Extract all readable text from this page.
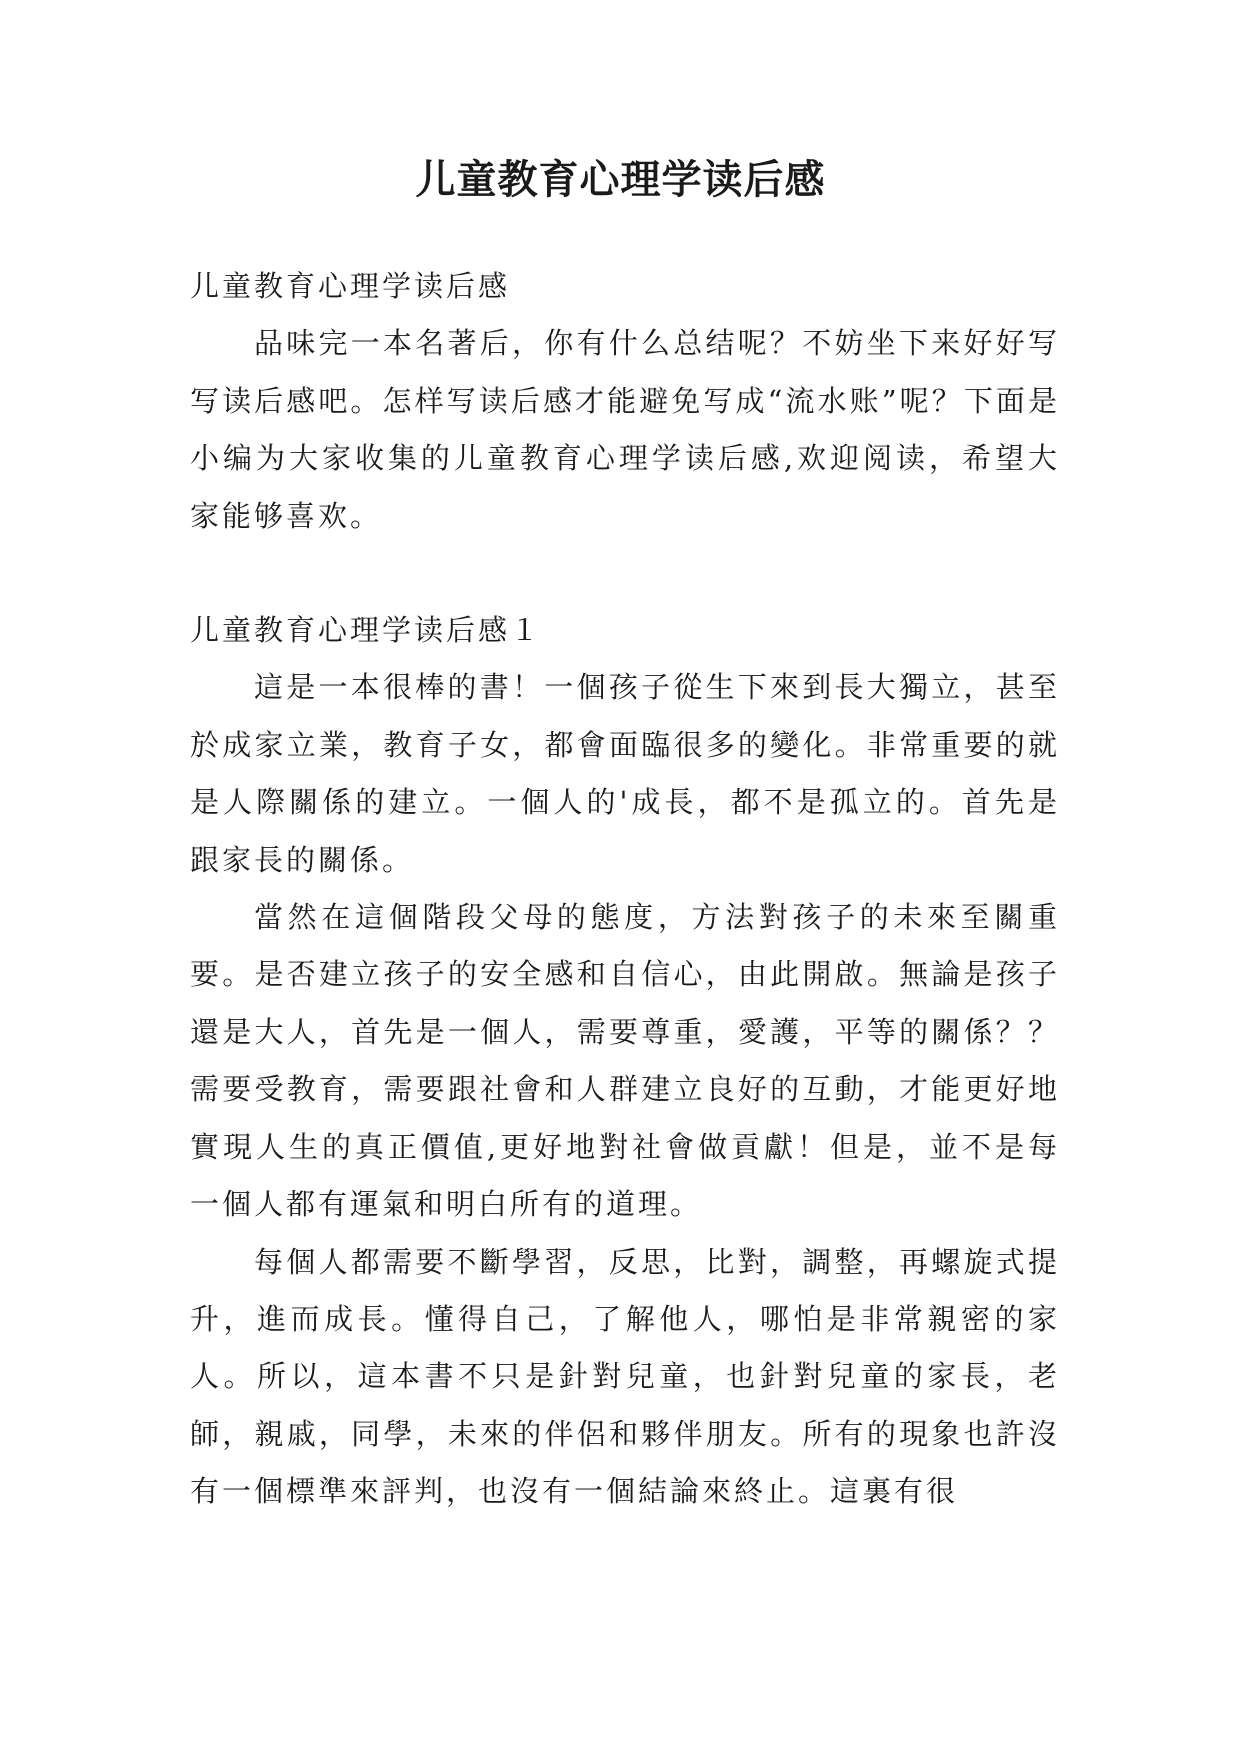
儿童教育心理学读后感

儿童教育心理学读后感

品味完一本名著后，你有什么总结呢？不妨坐下来好好写写读后感吧。怎样写读后感才能避免写成“流水账”呢？下面是小编为大家收集的儿童教育心理学读后感,欢迎阅读，希望大家能够喜欢。

儿童教育心理学读后感１

這是一本很棒的書！一個孩子從生下來到長大獨立，甚至於成家立業，教育子女，都會面臨很多的變化。非常重要的就是人際關係的建立。一個人的'成長，都不是孤立的。首先是跟家長的關係。

當然在這個階段父母的態度，方法對孩子的未來至關重要。是否建立孩子的安全感和自信心，由此開啟。無論是孩子還是大人，首先是一個人，需要尊重，愛護，平等的關係？？需要受教育，需要跟社會和人群建立良好的互動，才能更好地實現人生的真正價值,更好地對社會做貢獻！但是，並不是每一個人都有運氣和明白所有的道理。

每個人都需要不斷學習，反思，比對，調整，再螺旋式提升，進而成長。懂得自己，了解他人，哪怕是非常親密的家人。所以，這本書不只是針對兒童，也針對兒童的家長，老師，親戚，同學，未來的伴侶和夥伴朋友。所有的現象也許沒有一個標準來評判，也沒有一個結論來終止。這裏有很
